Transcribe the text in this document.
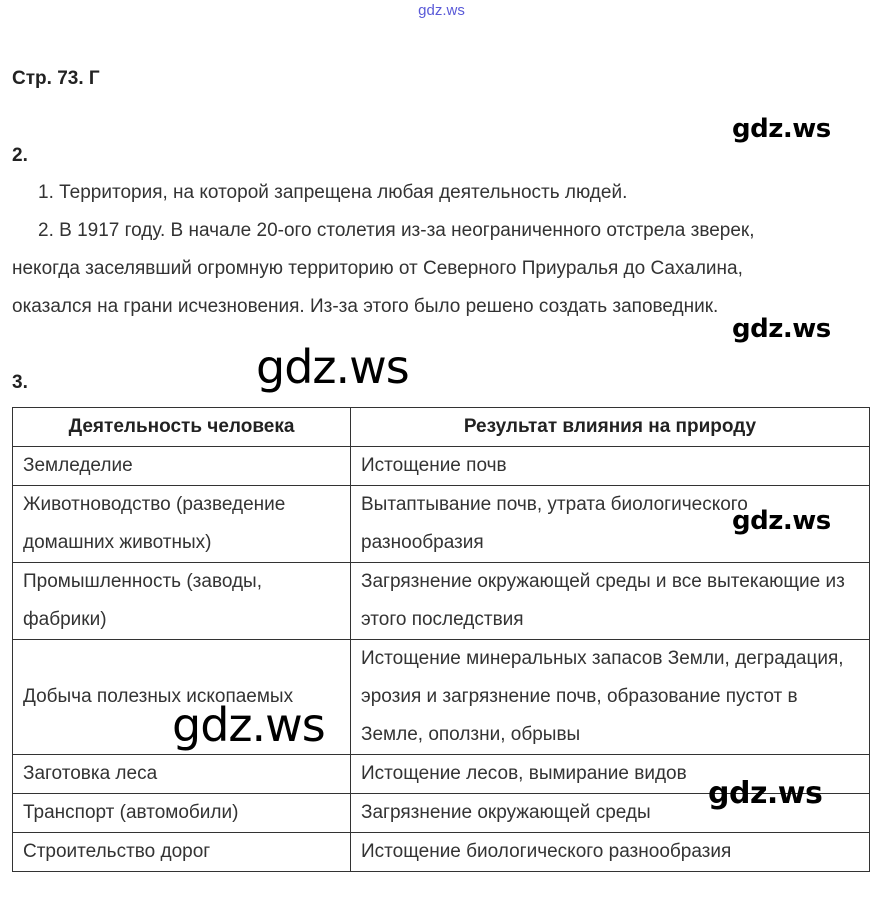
gdz.ws
Стр. 73. Г
gdz.ws
2.
1. Территория, на которой запрещена любая деятельность людей.
2. В 1917 году. В начале 20-ого столетия из-за неограниченного отстрела зверек,
некогда заселявший огромную территорию от Северного Приуралья до Сахалина,
оказался на грани исчезновения. Из-за этого было решено создать заповедник.
gdz.ws
3.	gdz.ws
Деятельность человека	Результат влияния на природу
Земледелие	Истощение почв
Животноводство (разведение домашних животных)	Вытаптывание почв, утрата биологического разнообразия
Промышленность (заводы, фабрики)	Загрязнение окружающей среды и все вытекающие из этого последствия
Добыча полезных ископаемых	Истощение минеральных запасов Земли, деградация, эрозия и загрязнение почв, образование пустот в Земле, оползни, обрывы
Заготовка леса	Истощение лесов, вымирание видов
Транспорт (автомобили)	Загрязнение окружающей среды
Строительство дорог	Истощение биологического разнообразия
gdz.ws
gdz.ws
gdz.ws
